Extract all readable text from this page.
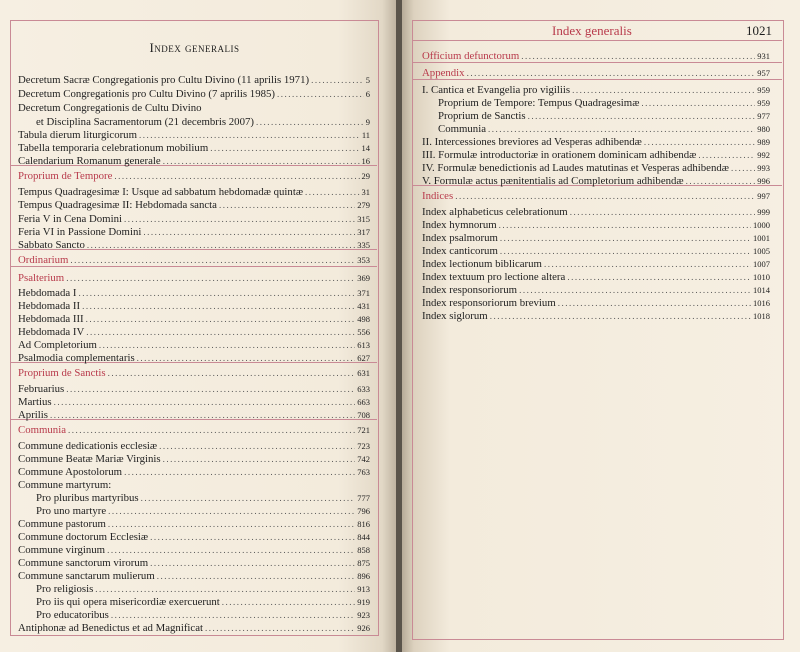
Index generalis
Decretum Sacræ Congregationis pro Cultu Divino (11 aprilis 1971) .....	5
Decretum Congregationis pro Cultu Divino (7 aprilis 1985) .....	6
Decretum Congregationis de Cultu Divino
et Disciplina Sacramentorum (21 decembris 2007) .....	9
Tabula dierum liturgicorum .....	11
Tabella temporaria celebrationum mobilium .....	14
Calendarium Romanum generale .....	16
Proprium de Tempore .....	29
Tempus Quadragesimæ I: Usque ad sabbatum hebdomadæ quintæ .....	31
Tempus Quadragesimæ II: Hebdomada sancta .....	279
Feria V in Cena Domini .....	315
Feria VI in Passione Domini .....	317
Sabbato Sancto .....	335
Ordinarium .....	353
Psalterium .....	369
Hebdomada I .....	371
Hebdomada II .....	431
Hebdomada III .....	498
Hebdomada IV .....	556
Ad Completorium .....	613
Psalmodia complementaris .....	627
Proprium de Sanctis .....	631
Februarius .....	633
Martius .....	663
Aprilis .....	708
Communia .....	721
Commune dedicationis ecclesiæ .....	723
Commune Beatæ Mariæ Virginis .....	742
Commune Apostolorum .....	763
Commune martyrum:
Pro pluribus martyribus .....	777
Pro uno martyre .....	796
Commune pastorum .....	816
Commune doctorum Ecclesiæ .....	844
Commune virginum .....	858
Commune sanctorum virorum .....	875
Commune sanctarum mulierum .....	896
Pro religiosis .....	913
Pro iis qui opera misericordiæ exercuerunt .....	919
Pro educatoribus .....	923
Antiphonæ ad Benedictus et ad Magnificat .....	926
Index generalis	1021
Officium defunctorum .....	931
Appendix .....	957
I. Cantica et Evangelia pro vigiliis .....	959
Proprium de Tempore: Tempus Quadragesimæ .....	959
Proprium de Sanctis .....	977
Communia .....	980
II. Intercessiones breviores ad Vesperas adhibendæ .....	989
III. Formulæ introductoriæ in orationem dominicam adhibendæ .....	992
IV. Formulæ benedictionis ad Laudes matutinas et Vesperas adhibendæ .....	993
V. Formulæ actus pænitentialis ad Completorium adhibendæ .....	996
Indices .....	997
Index alphabeticus celebrationum .....	999
Index hymnorum .....	1000
Index psalmorum .....	1001
Index canticorum .....	1005
Index lectionum biblicarum .....	1007
Index textuum pro lectione altera .....	1010
Index responsoriorum .....	1014
Index responsoriorum brevium .....	1016
Index siglorum .....	1018
